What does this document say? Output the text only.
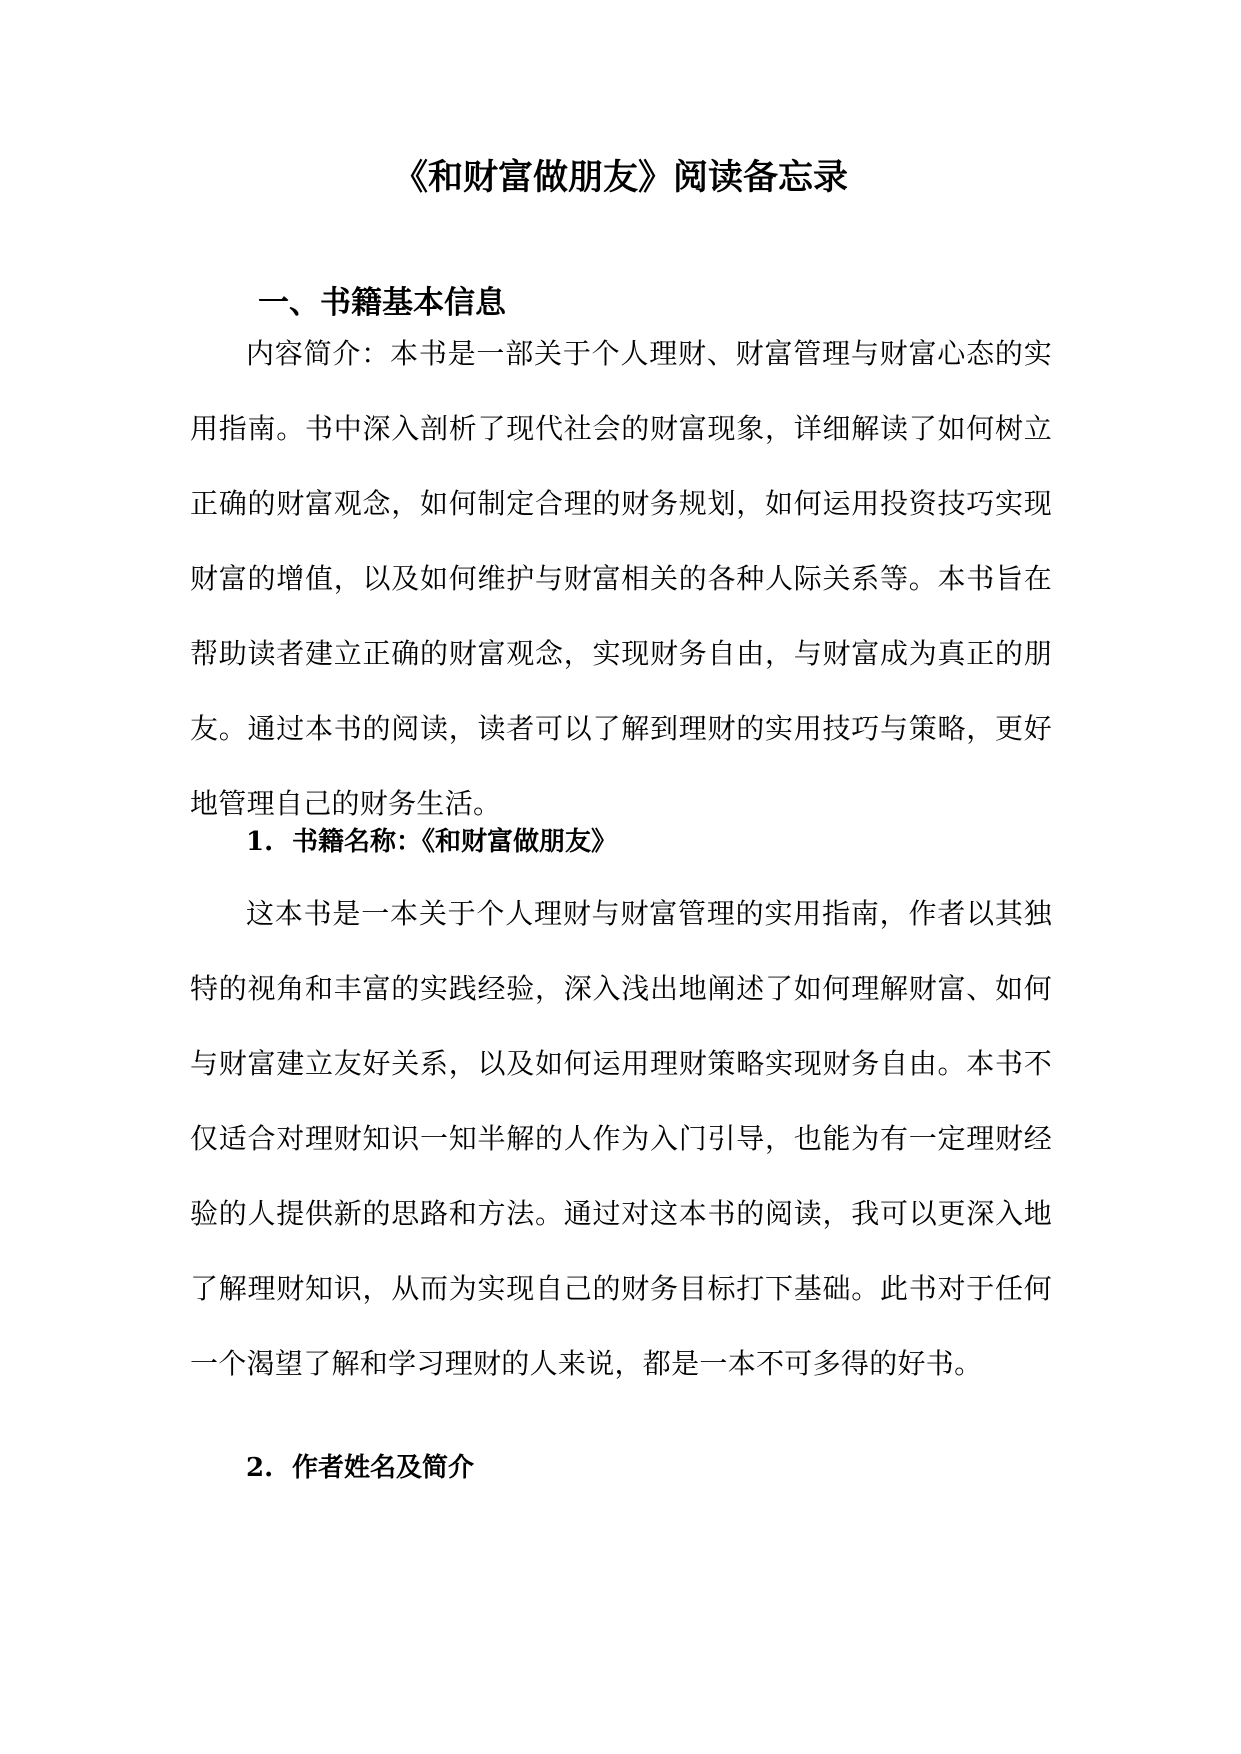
《和财富做朋友》阅读备忘录
一、书籍基本信息

内容简介：本书是一部关于个人理财、财富管理与财富心态的实用指南。书中深入剖析了现代社会的财富现象，详细解读了如何树立正确的财富观念，如何制定合理的财务规划，如何运用投资技巧实现财富的增值，以及如何维护与财富相关的各种人际关系等。本书旨在帮助读者建立正确的财富观念，实现财务自由，与财富成为真正的朋友。通过本书的阅读，读者可以了解到理财的实用技巧与策略，更好地管理自己的财务生活。

1. 书籍名称：《和财富做朋友》

这本书是一本关于个人理财与财富管理的实用指南，作者以其独特的视角和丰富的实践经验，深入浅出地阐述了如何理解财富、如何与财富建立友好关系，以及如何运用理财策略实现财务自由。本书不仅适合对理财知识一知半解的人作为入门引导，也能为有一定理财经验的人提供新的思路和方法。通过对这本书的阅读，我可以更深入地了解理财知识，从而为实现自己的财务目标打下基础。此书对于任何一个渴望了解和学习理财的人来说，都是一本不可多得的好书。

2. 作者姓名及简介
